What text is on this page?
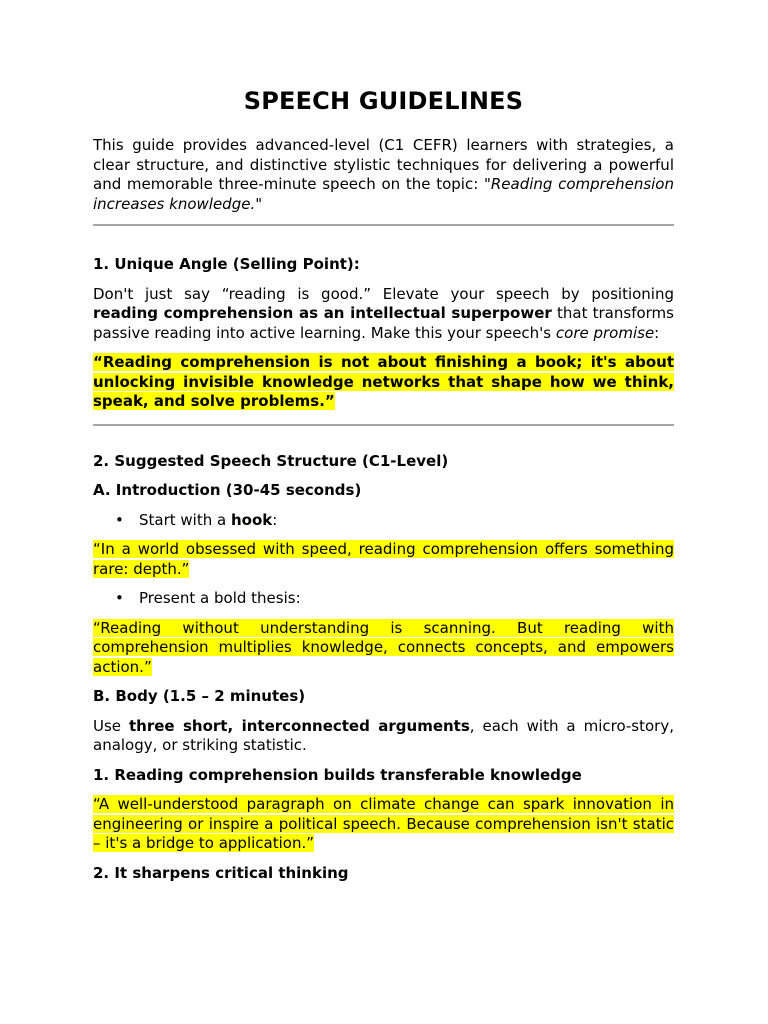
SPEECH GUIDELINES

This guide provides advanced-level (C1 CEFR) learners with strategies, a clear structure, and distinctive stylistic techniques for delivering a powerful and memorable three-minute speech on the topic: "Reading comprehension increases knowledge."

1. Unique Angle (Selling Point):

Don't just say “reading is good.” Elevate your speech by positioning reading comprehension as an intellectual superpower that transforms passive reading into active learning. Make this your speech's core promise:

“Reading comprehension is not about finishing a book; it's about unlocking invisible knowledge networks that shape how we think, speak, and solve problems.”

2. Suggested Speech Structure (C1-Level)

A. Introduction (30-45 seconds)

• Start with a hook:

“In a world obsessed with speed, reading comprehension offers something rare: depth.”

• Present a bold thesis:

“Reading without understanding is scanning. But reading with comprehension multiplies knowledge, connects concepts, and empowers action.”

B. Body (1.5 – 2 minutes)

Use three short, interconnected arguments, each with a micro-story, analogy, or striking statistic.

1. Reading comprehension builds transferable knowledge

“A well-understood paragraph on climate change can spark innovation in engineering or inspire a political speech. Because comprehension isn't static – it's a bridge to application.”

2. It sharpens critical thinking
